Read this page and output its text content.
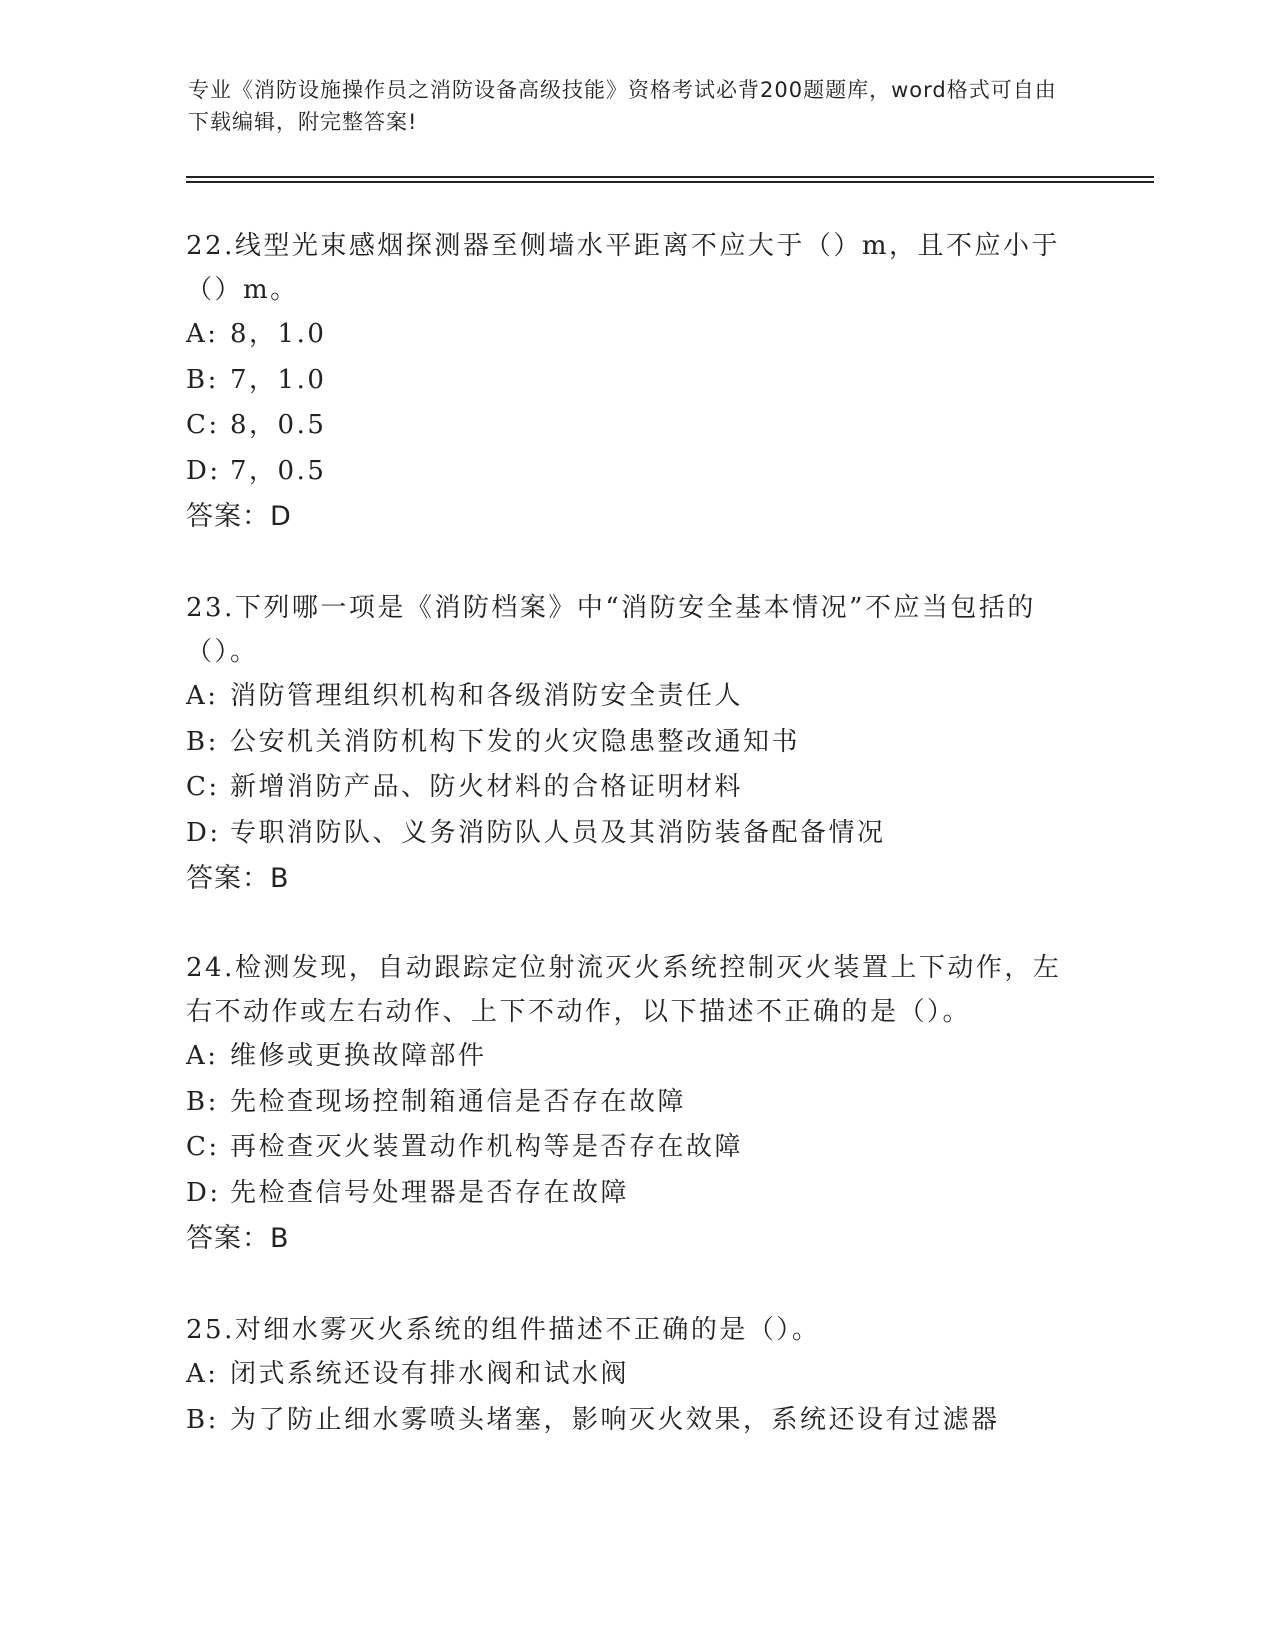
专业《消防设施操作员之消防设备高级技能》资格考试必背200题题库，word格式可自由下载编辑，附完整答案!

22.线型光束感烟探测器至侧墙水平距离不应大于（）m，且不应小于（）m。

A: 8，1.0

B: 7，1.0

C: 8，0.5

D: 7，0.5

答案：D

23.下列哪一项是《消防档案》中“消防安全基本情况”不应当包括的（）。

A: 消防管理组织机构和各级消防安全责任人

B: 公安机关消防机构下发的火灾隐患整改通知书

C: 新增消防产品、防火材料的合格证明材料

D: 专职消防队、义务消防队人员及其消防装备配备情况

答案：B

24.检测发现，自动跟踪定位射流灭火系统控制灭火装置上下动作，左右不动作或左右动作、上下不动作，以下描述不正确的是（）。

A: 维修或更换故障部件

B: 先检查现场控制箱通信是否存在故障

C: 再检查灭火装置动作机构等是否存在故障

D: 先检查信号处理器是否存在故障

答案：B

25.对细水雾灭火系统的组件描述不正确的是（）。

A: 闭式系统还设有排水阀和试水阀

B: 为了防止细水雾喷头堵塞，影响灭火效果，系统还设有过滤器
